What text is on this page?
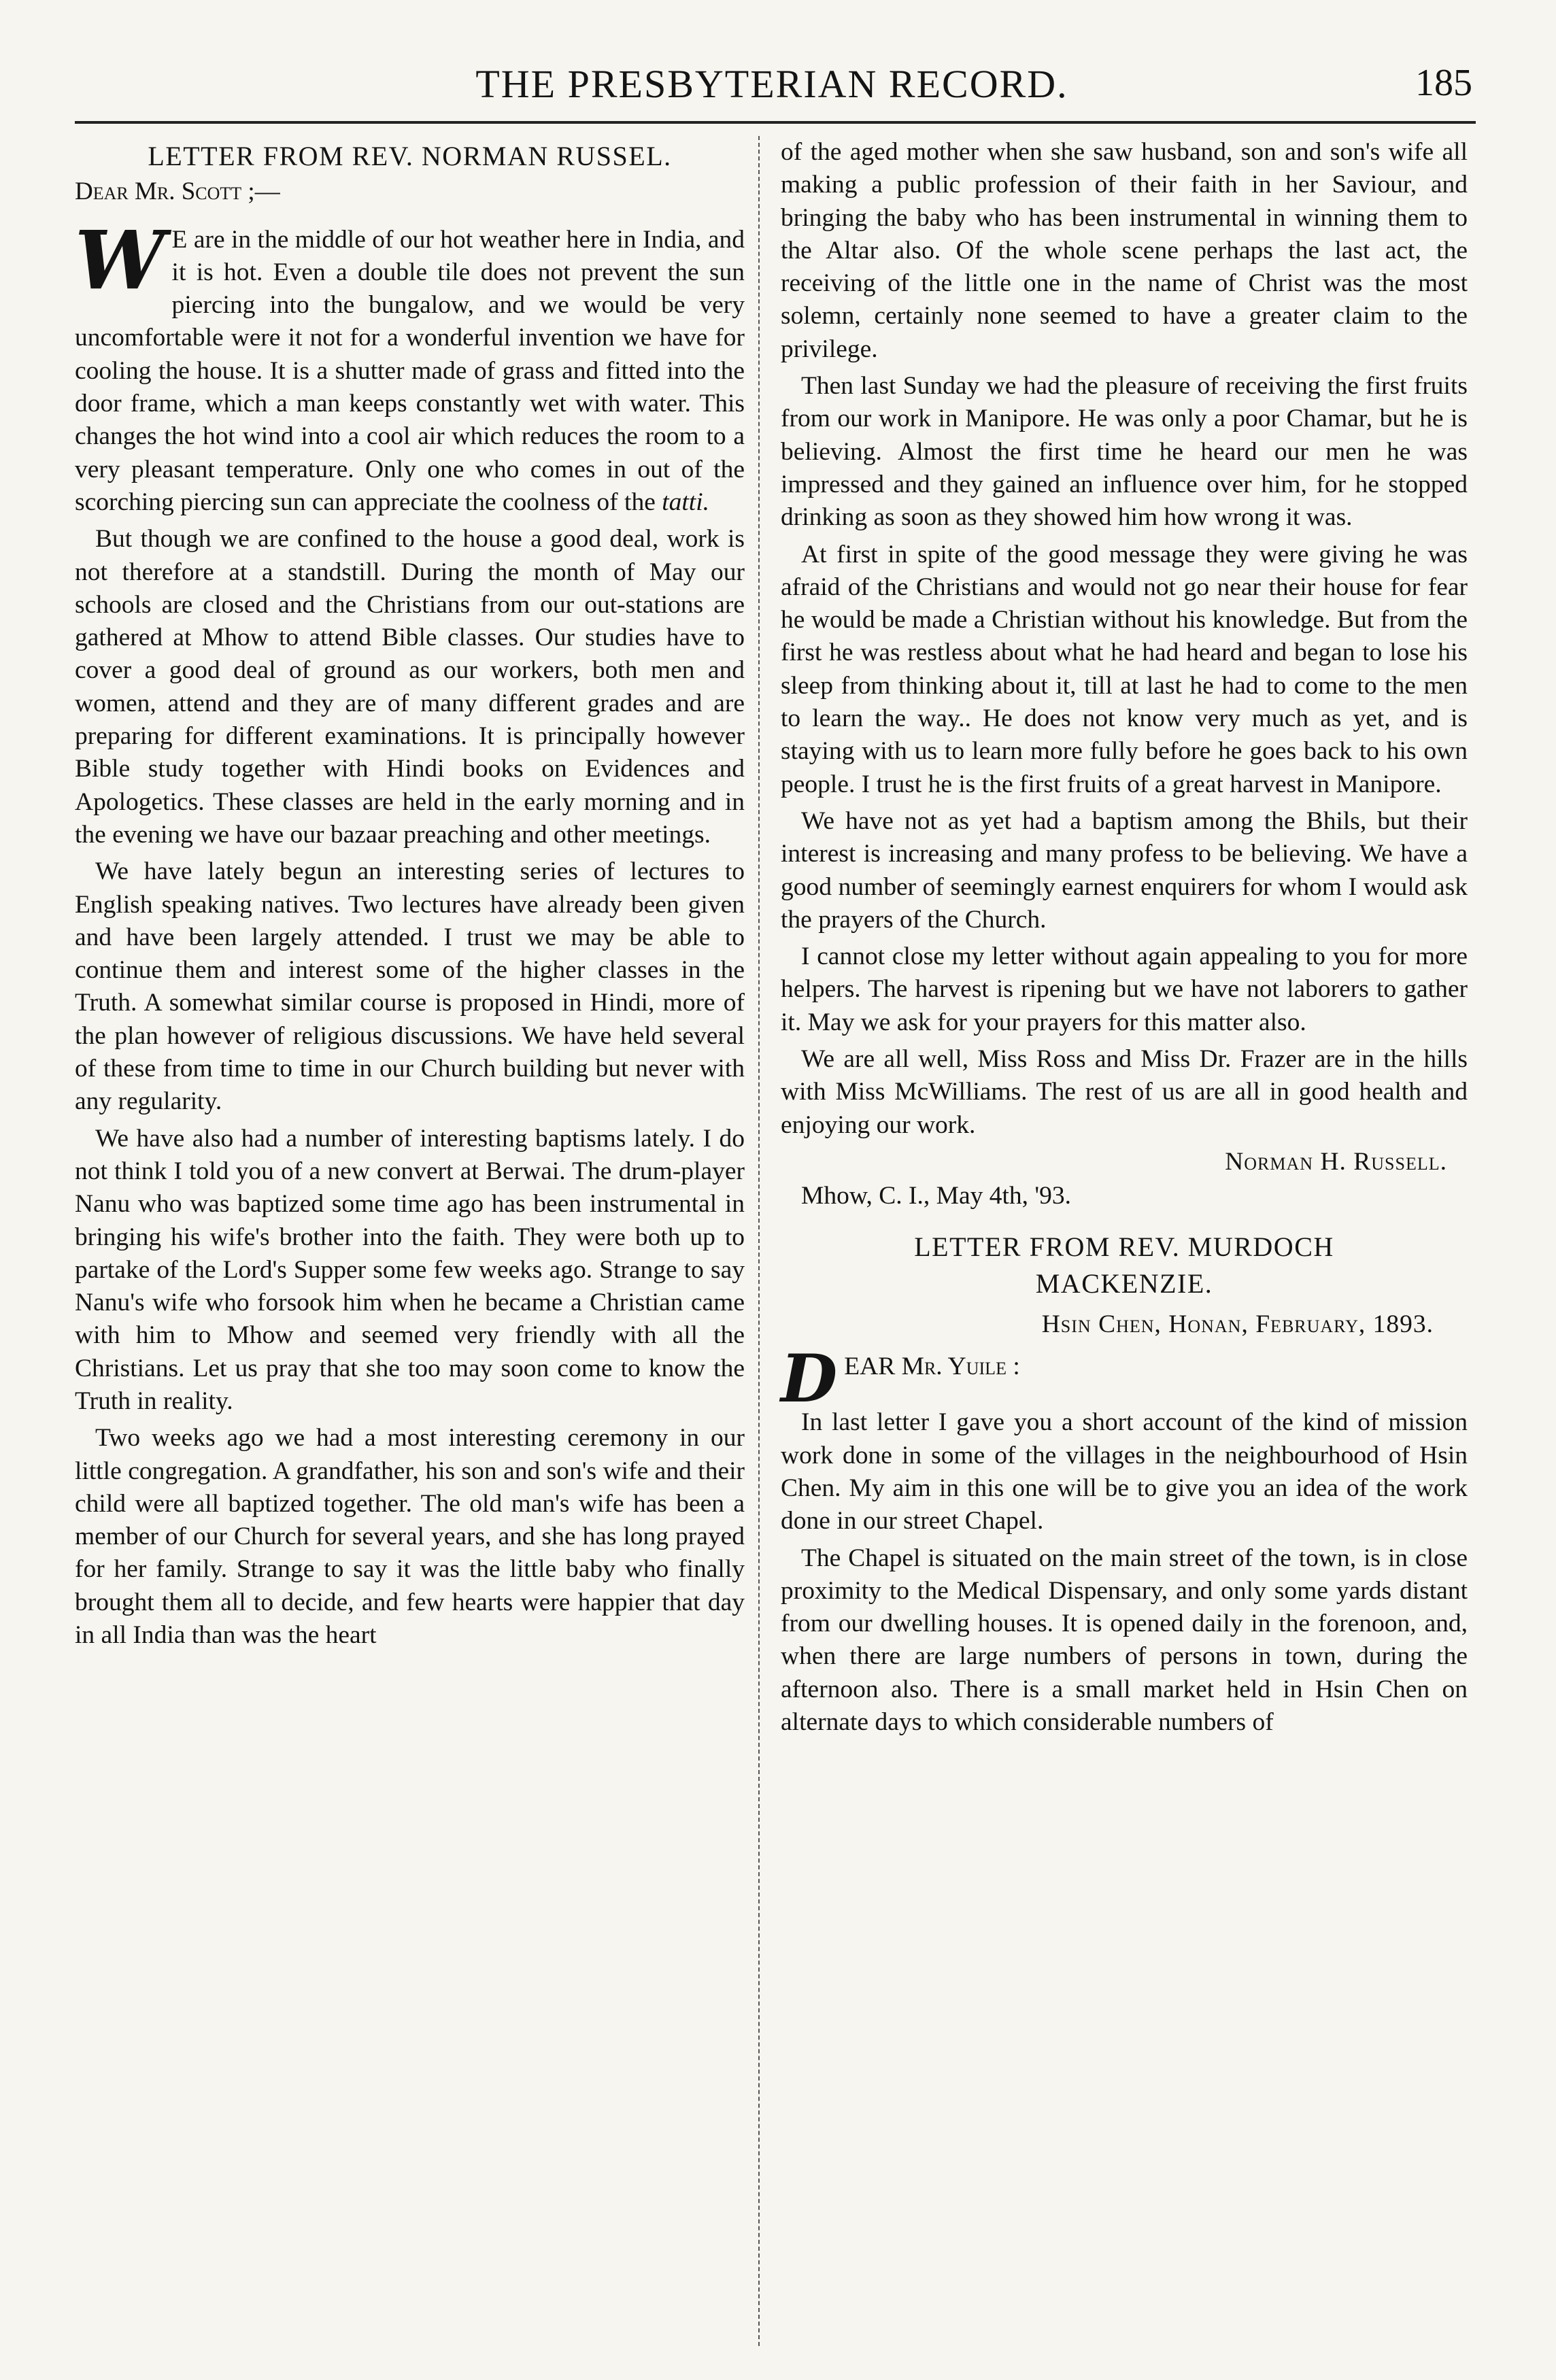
THE PRESBYTERIAN RECORD.	185
LETTER FROM REV. NORMAN RUSSEL.

Dear Mr. Scott ;—

W E are in the middle of our hot weather here in India, and it is hot. Even a double tile does not prevent the sun piercing into the bungalow, and we would be very uncomfortable were it not for a wonderful invention we have for cooling the house. It is a shutter made of grass and fitted into the door frame, which a man keeps constantly wet with water. This changes the hot wind into a cool air which reduces the room to a very pleasant temperature. Only one who comes in out of the scorching piercing sun can appreciate the coolness of the tatti.

But though we are confined to the house a good deal, work is not therefore at a standstill. During the month of May our schools are closed and the Christians from our out-stations are gathered at Mhow to attend Bible classes. Our studies have to cover a good deal of ground as our workers, both men and women, attend and they are of many different grades and are preparing for different examinations. It is principally however Bible study together with Hindi books on Evidences and Apologetics. These classes are held in the early morning and in the evening we have our bazaar preaching and other meetings.

We have lately begun an interesting series of lectures to English speaking natives. Two lectures have already been given and have been largely attended. I trust we may be able to continue them and interest some of the higher classes in the Truth. A somewhat similar course is proposed in Hindi, more of the plan however of religious discussions. We have held several of these from time to time in our Church building but never with any regularity.

We have also had a number of interesting baptisms lately. I do not think I told you of a new convert at Berwai. The drum-player Nanu who was baptized some time ago has been instrumental in bringing his wife's brother into the faith. They were both up to partake of the Lord's Supper some few weeks ago. Strange to say Nanu's wife who forsook him when he became a Christian came with him to Mhow and seemed very friendly with all the Christians. Let us pray that she too may soon come to know the Truth in reality.

Two weeks ago we had a most interesting ceremony in our little congregation. A grandfather, his son and son's wife and their child were all baptized together. The old man's wife has been a member of our Church for several years, and she has long prayed for her family. Strange to say it was the little baby who finally brought them all to decide, and few hearts were happier that day in all India than was the heart

of the aged mother when she saw husband, son and son's wife all making a public profession of their faith in her Saviour, and bringing the baby who has been instrumental in winning them to the Altar also. Of the whole scene perhaps the last act, the receiving of the little one in the name of Christ was the most solemn, certainly none seemed to have a greater claim to the privilege.

Then last Sunday we had the pleasure of receiving the first fruits from our work in Manipore. He was only a poor Chamar, but he is believing. Almost the first time he heard our men he was impressed and they gained an influence over him, for he stopped drinking as soon as they showed him how wrong it was.

At first in spite of the good message they were giving he was afraid of the Christians and would not go near their house for fear he would be made a Christian without his knowledge. But from the first he was restless about what he had heard and began to lose his sleep from thinking about it, till at last he had to come to the men to learn the way.. He does not know very much as yet, and is staying with us to learn more fully before he goes back to his own people. I trust he is the first fruits of a great harvest in Manipore.

We have not as yet had a baptism among the Bhils, but their interest is increasing and many profess to be believing. We have a good number of seemingly earnest enquirers for whom I would ask the prayers of the Church.

I cannot close my letter without again appealing to you for more helpers. The harvest is ripening but we have not laborers to gather it. May we ask for your prayers for this matter also.

We are all well, Miss Ross and Miss Dr. Frazer are in the hills with Miss McWilliams. The rest of us are all in good health and enjoying our work.

Norman H. Russell.

Mhow, C. I., May 4th, '93.

LETTER FROM REV. MURDOCH
MACKENZIE.

Hsin Chen, Honan, February, 1893.

DEAR Mr. Yuile :

In last letter I gave you a short account of the kind of mission work done in some of the villages in the neighbourhood of Hsin Chen. My aim in this one will be to give you an idea of the work done in our street Chapel.

The Chapel is situated on the main street of the town, is in close proximity to the Medical Dispensary, and only some yards distant from our dwelling houses. It is opened daily in the forenoon, and, when there are large numbers of persons in town, during the afternoon also. There is a small market held in Hsin Chen on alternate days to which considerable numbers of
